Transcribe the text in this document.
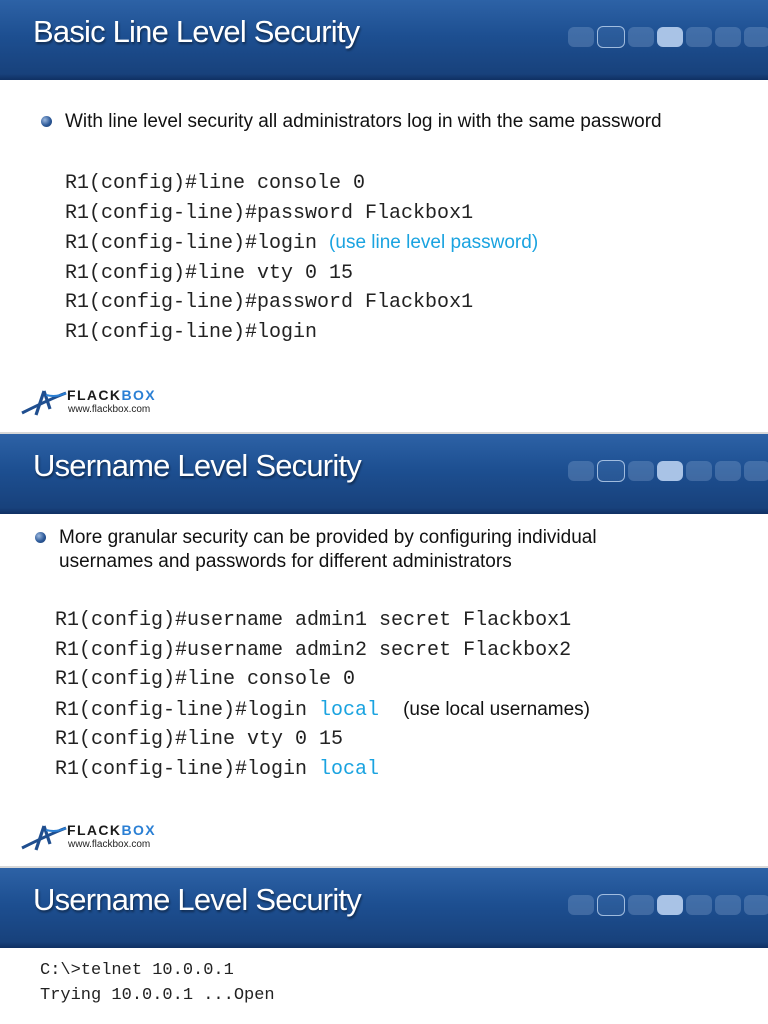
Basic Line Level Security
With line level security all administrators log in with the same password
R1(config)#line console 0
R1(config-line)#password Flackbox1
R1(config-line)#login (use line level password)
R1(config)#line vty 0 15
R1(config-line)#password Flackbox1
R1(config-line)#login
FLACKBOX
www.flackbox.com
Username Level Security
More granular security can be provided by configuring individual usernames and passwords for different administrators
R1(config)#username admin1 secret Flackbox1
R1(config)#username admin2 secret Flackbox2
R1(config)#line console 0
R1(config-line)#login local (use local usernames)
R1(config)#line vty 0 15
R1(config-line)#login local
FLACKBOX
www.flackbox.com
Username Level Security
C:\>telnet 10.0.0.1
Trying 10.0.0.1 ...Open
